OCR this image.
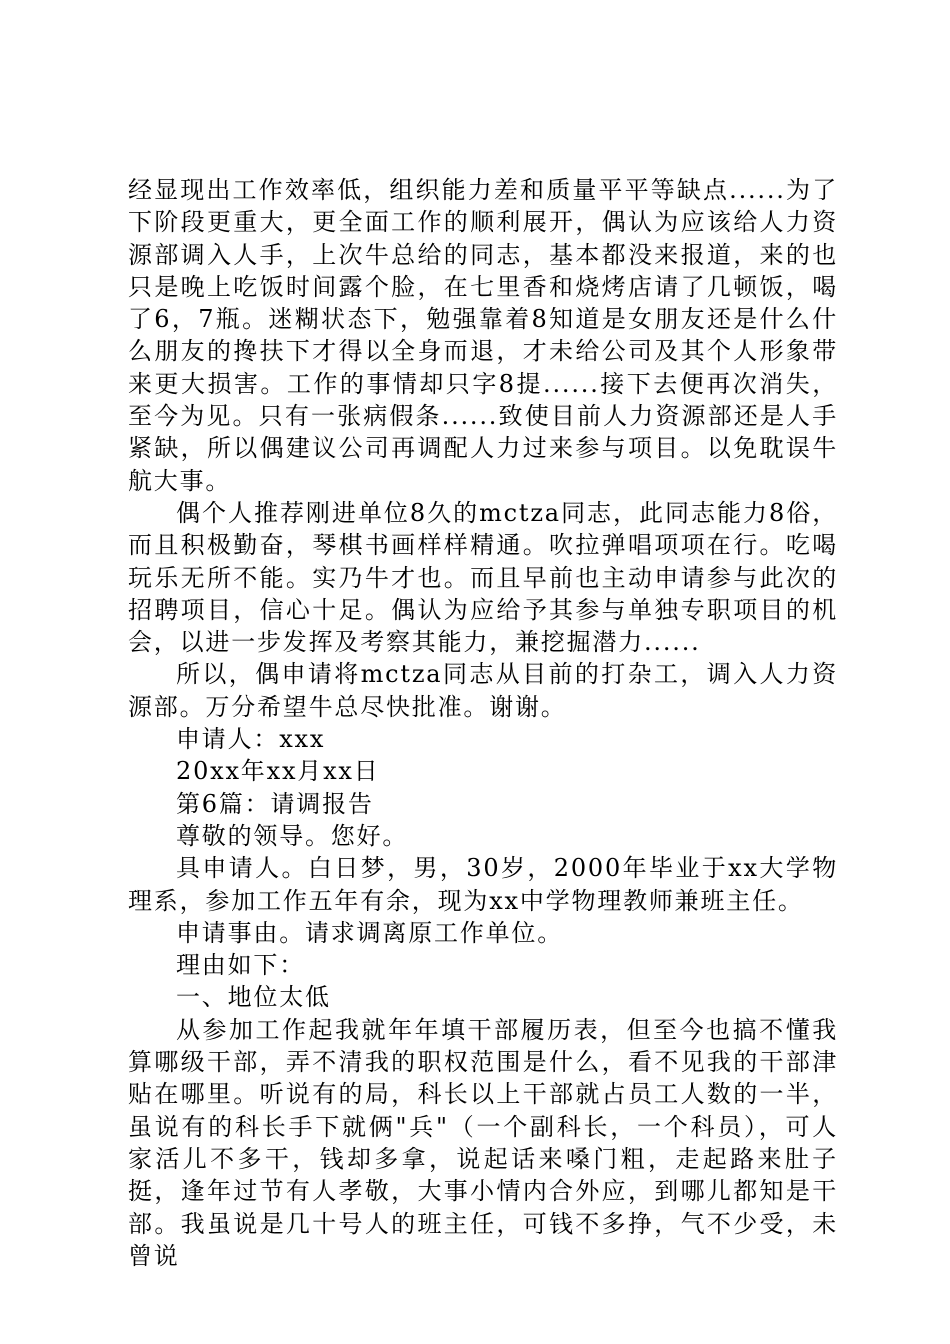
经显现出工作效率低，组织能力差和质量平平等缺点......为了下阶段更重大，更全面工作的顺利展开，偶认为应该给人力资源部调入人手，上次牛总给的同志，基本都没来报道，来的也只是晚上吃饭时间露个脸，在七里香和烧烤店请了几顿饭，喝了6，7瓶。迷糊状态下，勉强靠着8知道是女朋友还是什么什么朋友的搀扶下才得以全身而退，才未给公司及其个人形象带来更大损害。工作的事情却只字8提......接下去便再次消失，至今为见。只有一张病假条......致使目前人力资源部还是人手紧缺，所以偶建议公司再调配人力过来参与项目。以免耽误牛航大事。

偶个人推荐刚进单位8久的mctza同志，此同志能力8俗，而且积极勤奋，琴棋书画样样精通。吹拉弹唱项项在行。吃喝玩乐无所不能。实乃牛才也。而且早前也主动申请参与此次的招聘项目，信心十足。偶认为应给予其参与单独专职项目的机会，以进一步发挥及考察其能力，兼挖掘潜力......

所以，偶申请将mctza同志从目前的打杂工，调入人力资源部。万分希望牛总尽快批准。谢谢。

申请人：xxx

20xx年xx月xx日

第6篇：请调报告

尊敬的领导。您好。

具申请人。白日梦，男，30岁，2000年毕业于xx大学物理系，参加工作五年有余，现为xx中学物理教师兼班主任。

申请事由。请求调离原工作单位。

理由如下：

一、地位太低

从参加工作起我就年年填干部履历表，但至今也搞不懂我算哪级干部，弄不清我的职权范围是什么，看不见我的干部津贴在哪里。听说有的局，科长以上干部就占员工人数的一半，虽说有的科长手下就俩"兵"（一个副科长，一个科员），可人家活儿不多干，钱却多拿，说起话来嗓门粗，走起路来肚子挺，逢年过节有人孝敬，大事小情内合外应，到哪儿都知是干部。我虽说是几十号人的班主任，可钱不多挣，气不少受，未曾说
